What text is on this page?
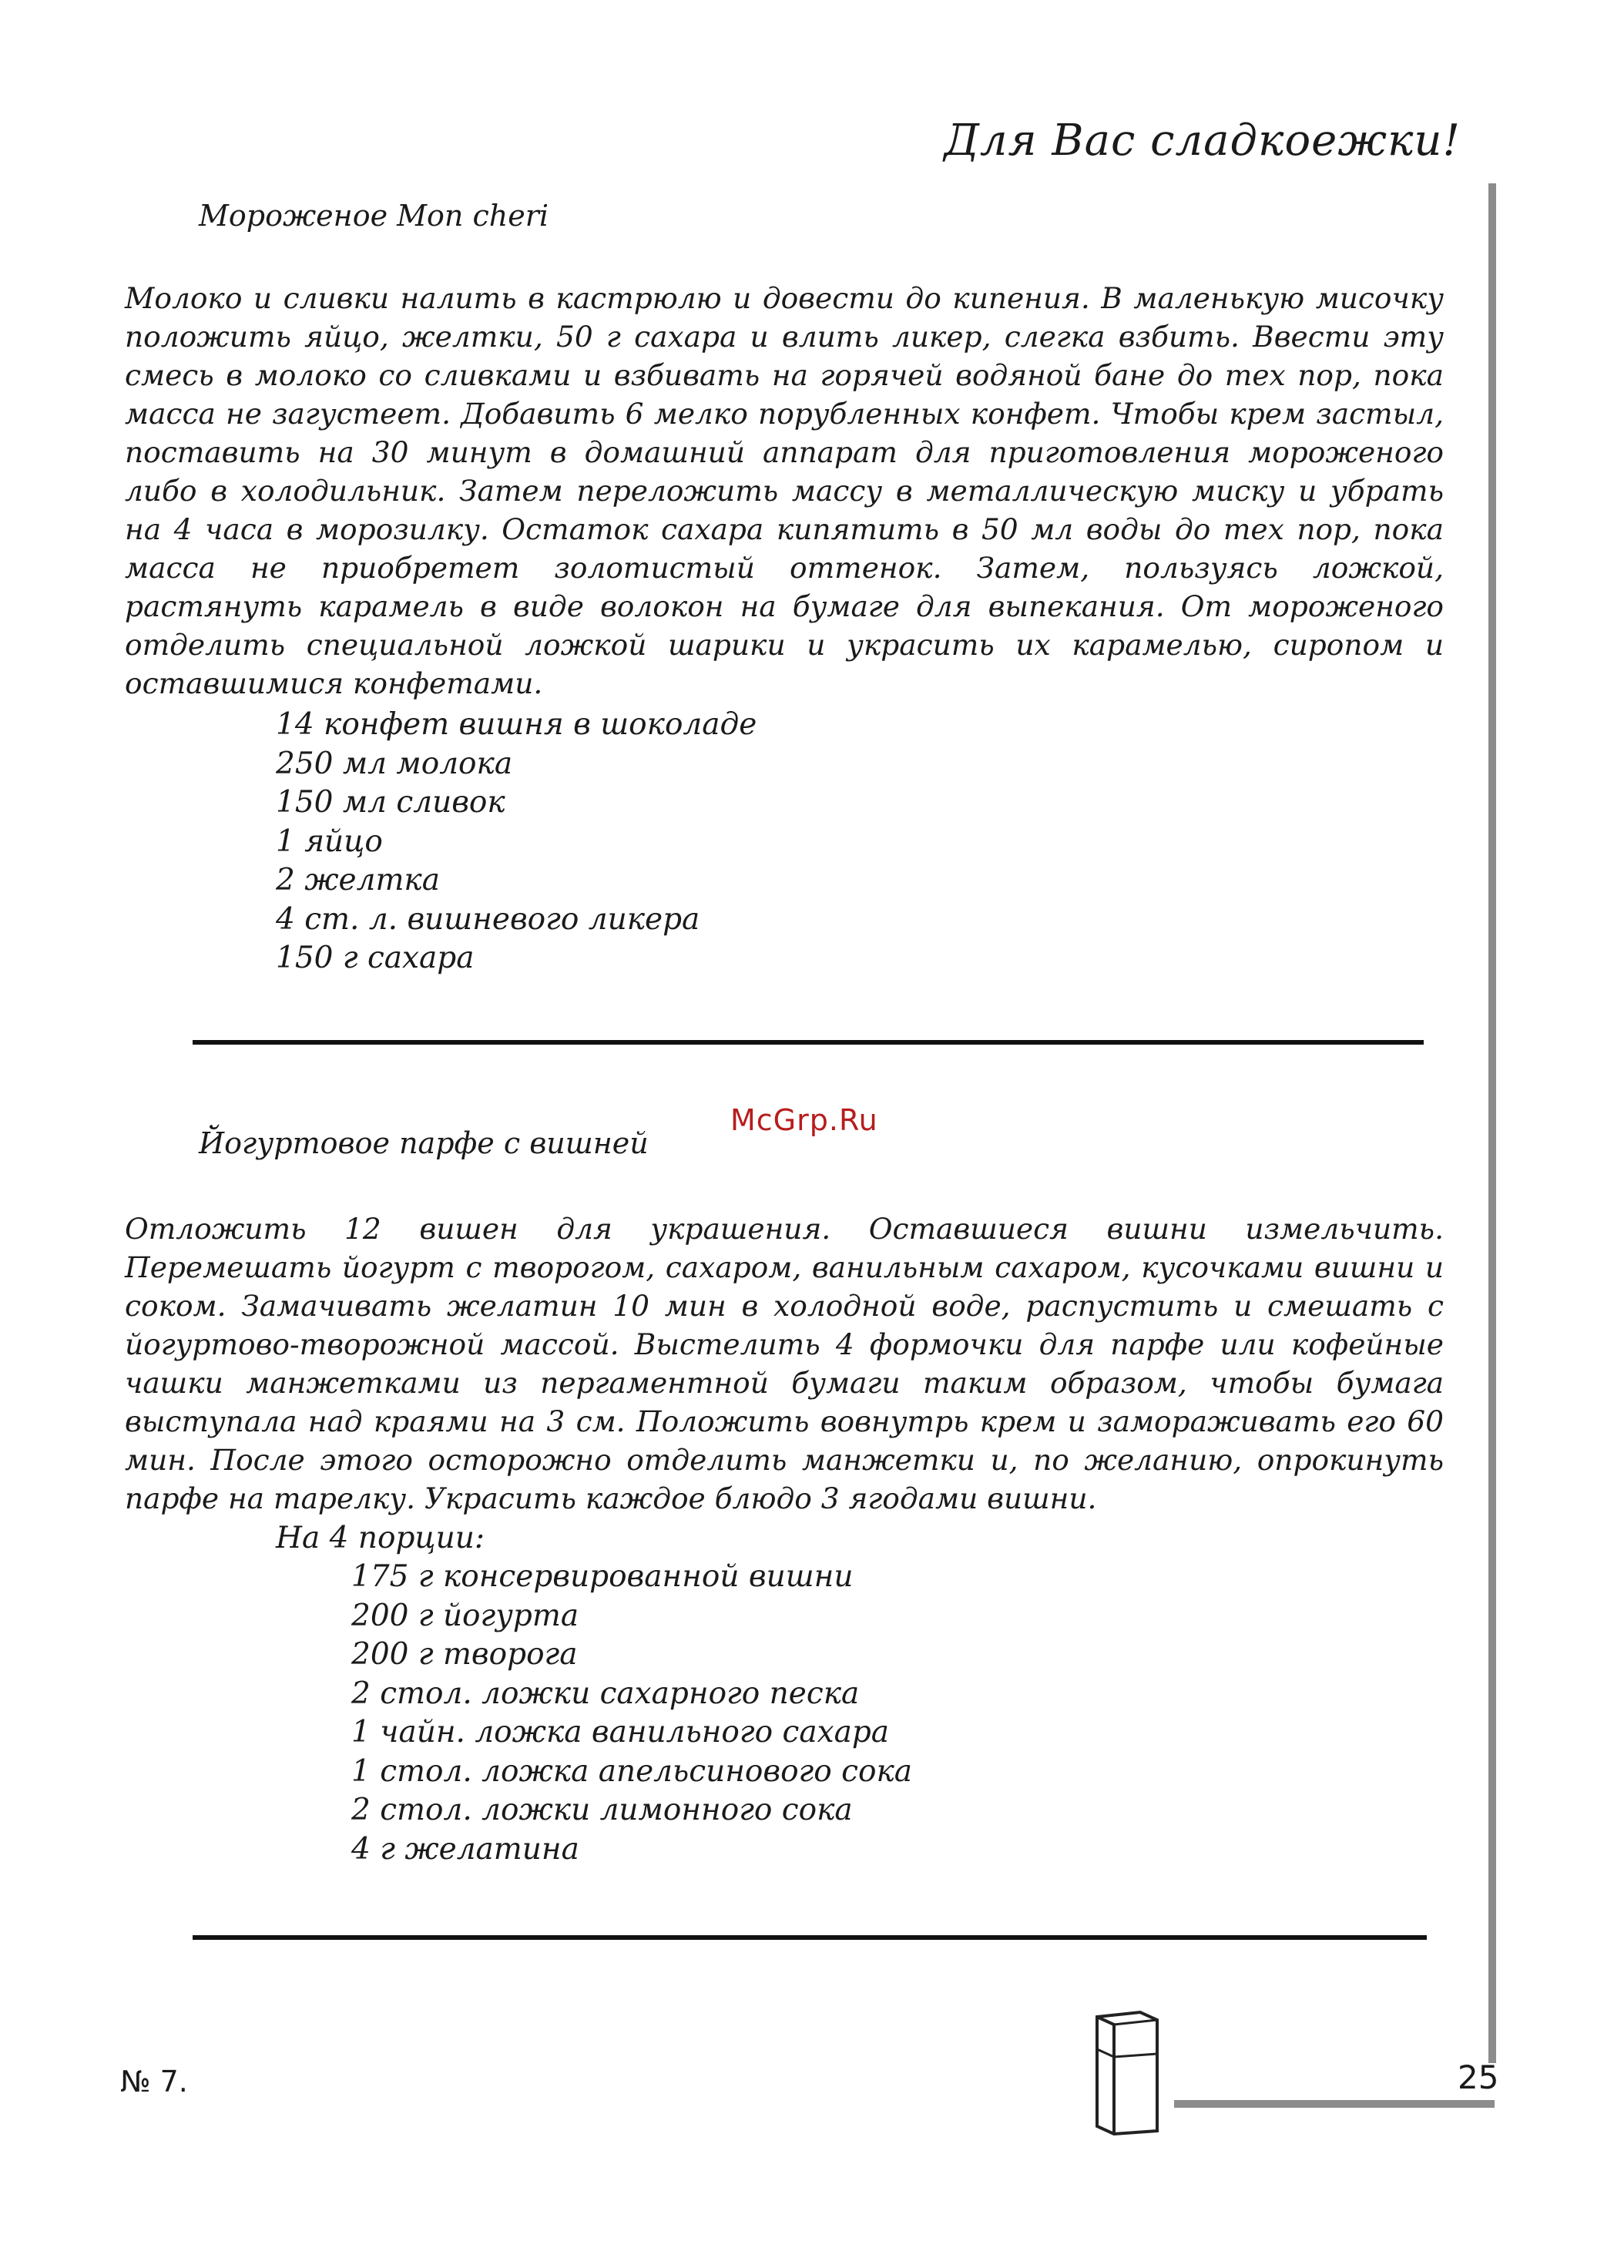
Для Вас сладкоежки!
Мороженое Mon cheri
Молоко и сливки налить в кастрюлю и довести до кипения. В маленькую мисочку положить яйцо, желтки, 50 г сахара и влить ликер, слегка взбить. Ввести эту смесь в молоко со сливками и взбивать на горячей водяной бане до тех пор, пока масса не загустеет. Добавить 6 мелко порубленных конфет. Чтобы крем застыл, поставить на 30 минут в домашний аппарат для приготовления мороженого либо в холодильник. Затем переложить массу в металлическую миску и убрать на 4 часа в морозилку. Остаток сахара кипятить в 50 мл воды до тех пор, пока масса не приобретет золотистый оттенок. Затем, пользуясь ложкой, растянуть карамель в виде волокон на бумаге для выпекания. От мороженого отделить специальной ложкой шарики и украсить их карамелью, сиропом и оставшимися конфетами.
14 конфет вишня в шоколаде
250 мл молока
150 мл сливок
1 яйцо
2 желтка
4 ст. л. вишневого ликера
150 г сахара
McGrp.Ru
Йогуртовое парфе с вишней
Отложить 12 вишен для украшения. Оставшиеся вишни измельчить. Перемешать йогурт с творогом, сахаром, ванильным сахаром, кусочками вишни и соком. Замачивать желатин 10 мин в холодной воде, распустить и смешать с йогуртово-творожной массой. Выстелить 4 формочки для парфе или кофейные чашки манжетками из пергаментной бумаги таким образом, чтобы бумага выступала над краями на 3 см. Положить вовнутрь крем и замораживать его 60 мин. После этого осторожно отделить манжетки и, по желанию, опрокинуть парфе на тарелку. Украсить каждое блюдо 3 ягодами вишни.
На 4 порции:
175 г консервированной вишни
200 г йогурта
200 г творога
2 стол. ложки сахарного песка
1 чайн. ложка ванильного сахара
1 стол. ложка апельсинового сока
2 стол. ложки лимонного сока
4 г желатина
№ 7.	25
